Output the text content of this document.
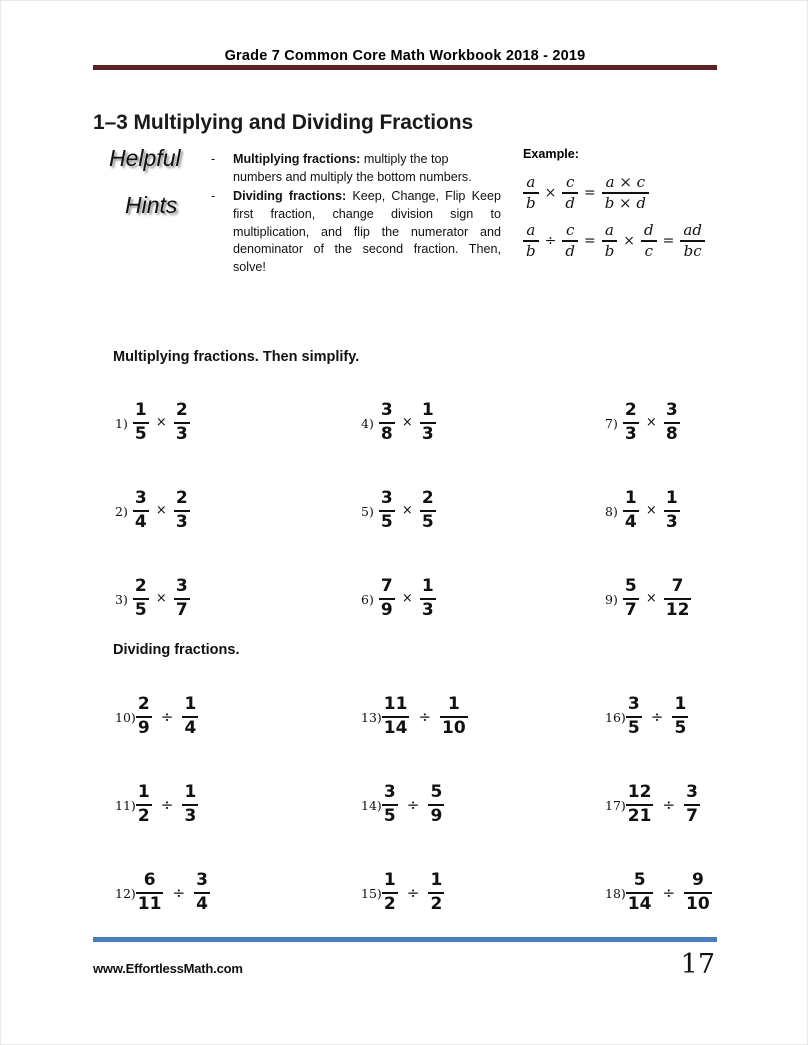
Grade 7 Common Core Math Workbook 2018 - 2019
1–3 Multiplying and Dividing Fractions
Helpful
Hints
-	Multiplying fractions: multiply the top numbers and multiply the bottom numbers.
-	Dividing fractions: Keep, Change, Flip Keep first fraction, change division sign to multiplication, and flip the numerator and denominator of the second fraction. Then, solve!
Example:
$\frac{a}{b} \times \frac{c}{d} = \frac{a \times c}{b \times d}$
$\frac{a}{b} \div \frac{c}{d} = \frac{a}{b} \times \frac{d}{c} = \frac{ad}{bc}$
Multiplying fractions. Then simplify.
1)
1
5
×
2
3
4)
3
8
×
1
3
7)
2
3
×
3
8
2)
3
4
×
2
3
5)
3
5
×
2
5
8)
1
4
×
1
3
3)
2
5
×
3
7
6)
7
9
×
1
3
9)
5
7
×
7
12
Dividing fractions.
10)
2
9
÷
1
4
13)
11
14
÷
1
10
16)
3
5
÷
1
5
11)
1
2
÷
1
3
14)
3
5
÷
5
9
17)
12
21
÷
3
7
12)
6
11
÷
3
4
15)
1
2
÷
1
2
18)
5
14
÷
9
10
www.EffortlessMath.com	17
